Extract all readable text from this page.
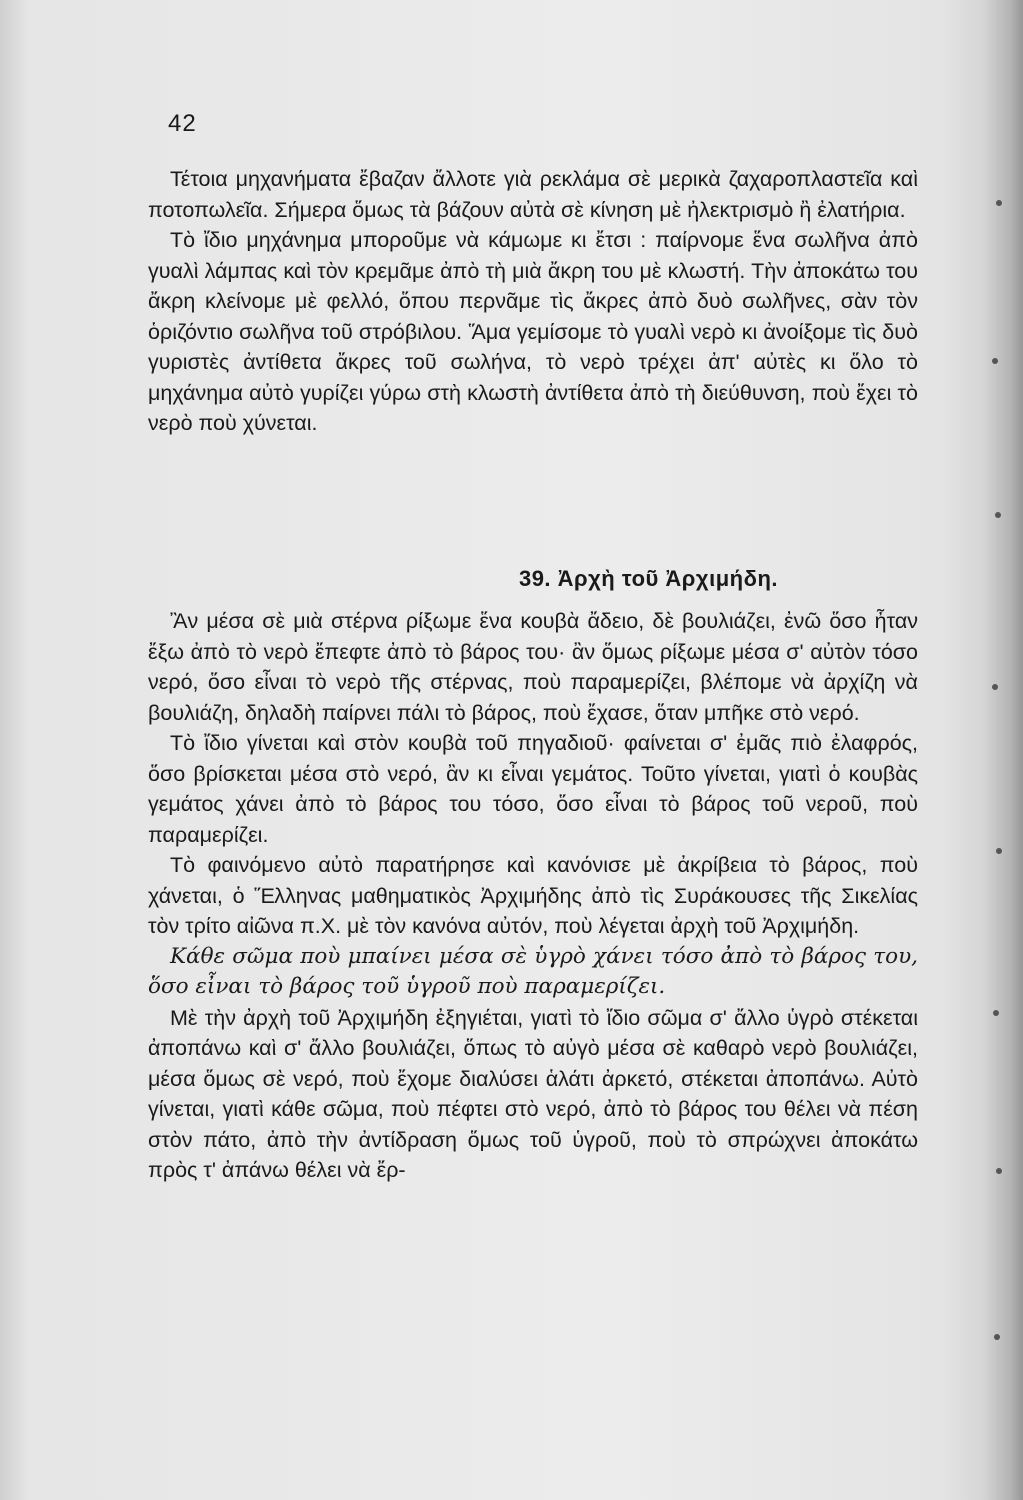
42

Τέτοια μηχανήματα ἔβαζαν ἄλλοτε γιὰ ρεκλάμα σὲ μερικὰ ζαχαροπλαστεῖα καὶ ποτοπωλεῖα. Σήμερα ὅμως τὰ βάζουν αὐτὰ σὲ κίνηση μὲ ἠλεκτρισμὸ ἢ ἐλατήρια.

Τὸ ἴδιο μηχάνημα μποροῦμε νὰ κάμωμε κι ἔτσι : παίρνομε ἕνα σωλῆνα ἀπὸ γυαλὶ λάμπας καὶ τὸν κρεμᾶμε ἀπὸ τὴ μιὰ ἄκρη του μὲ κλωστή. Τὴν ἀποκάτω του ἄκρη κλείνομε μὲ φελλό, ὅπου περνᾶμε τὶς ἄκρες ἀπὸ δυὸ σωλῆνες, σὰν τὸν ὁριζόντιο σωλῆνα τοῦ στρόβιλου. Ἅμα γεμίσομε τὸ γυαλὶ νερὸ κι ἀνοίξομε τὶς δυὸ γυριστὲς ἀντίθετα ἄκρες τοῦ σωλήνα, τὸ νερὸ τρέχει ἀπ' αὐτὲς κι ὅλο τὸ μηχάνημα αὐτὸ γυρίζει γύρω στὴ κλωστὴ ἀντίθετα ἀπὸ τὴ διεύθυνση, ποὺ ἔχει τὸ νερὸ ποὺ χύνεται.

39. Ἀρχὴ τοῦ Ἀρχιμήδη.

Ἂν μέσα σὲ μιὰ στέρνα ρίξωμε ἕνα κουβὰ ἄδειο, δὲ βουλιάζει, ἐνῶ ὅσο ἦταν ἔξω ἀπὸ τὸ νερὸ ἔπεφτε ἀπὸ τὸ βάρος του· ἂν ὅμως ρίξωμε μέσα σ' αὐτὸν τόσο νερό, ὅσο εἶναι τὸ νερὸ τῆς στέρνας, ποὺ παραμερίζει, βλέπομε νὰ ἀρχίζη νὰ βουλιάζη, δηλαδὴ παίρνει πάλι τὸ βάρος, ποὺ ἔχασε, ὅταν μπῆκε στὸ νερό.

Τὸ ἴδιο γίνεται καὶ στὸν κουβὰ τοῦ πηγαδιοῦ· φαίνεται σ' ἐμᾶς πιὸ ἐλαφρός, ὅσο βρίσκεται μέσα στὸ νερό, ἂν κι εἶναι γεμάτος. Τοῦτο γίνεται, γιατὶ ὁ κουβὰς γεμάτος χάνει ἀπὸ τὸ βάρος του τόσο, ὅσο εἶναι τὸ βάρος τοῦ νεροῦ, ποὺ παραμερίζει.

Τὸ φαινόμενο αὐτὸ παρατήρησε καὶ κανόνισε μὲ ἀκρίβεια τὸ βάρος, ποὺ χάνεται, ὁ Ἕλληνας μαθηματικὸς Ἀρχιμήδης ἀπὸ τὶς Συράκουσες τῆς Σικελίας τὸν τρίτο αἰῶνα π.Χ. μὲ τὸν κανόνα αὐτόν, ποὺ λέγεται ἀρχὴ τοῦ Ἀρχιμήδη.

Κάθε σῶμα ποὺ μπαίνει μέσα σὲ ὑγρὸ χάνει τόσο ἀπὸ τὸ βάρος του, ὅσο εἶναι τὸ βάρος τοῦ ὑγροῦ ποὺ παραμερίζει.

Μὲ τὴν ἀρχὴ τοῦ Ἀρχιμήδη ἐξηγιέται, γιατὶ τὸ ἴδιο σῶμα σ' ἄλλο ὑγρὸ στέκεται ἀποπάνω καὶ σ' ἄλλο βουλιάζει, ὅπως τὸ αὐγὸ μέσα σὲ καθαρὸ νερὸ βουλιάζει, μέσα ὅμως σὲ νερό, ποὺ ἔχομε διαλύσει ἁλάτι ἀρκετό, στέκεται ἀποπάνω. Αὐτὸ γίνεται, γιατὶ κάθε σῶμα, ποὺ πέφτει στὸ νερό, ἀπὸ τὸ βάρος του θέλει νὰ πέση στὸν πάτο, ἀπὸ τὴν ἀντίδραση ὅμως τοῦ ὑγροῦ, ποὺ τὸ σπρώχνει ἀποκάτω πρὸς τ' ἀπάνω θέλει νὰ ἔρ-
